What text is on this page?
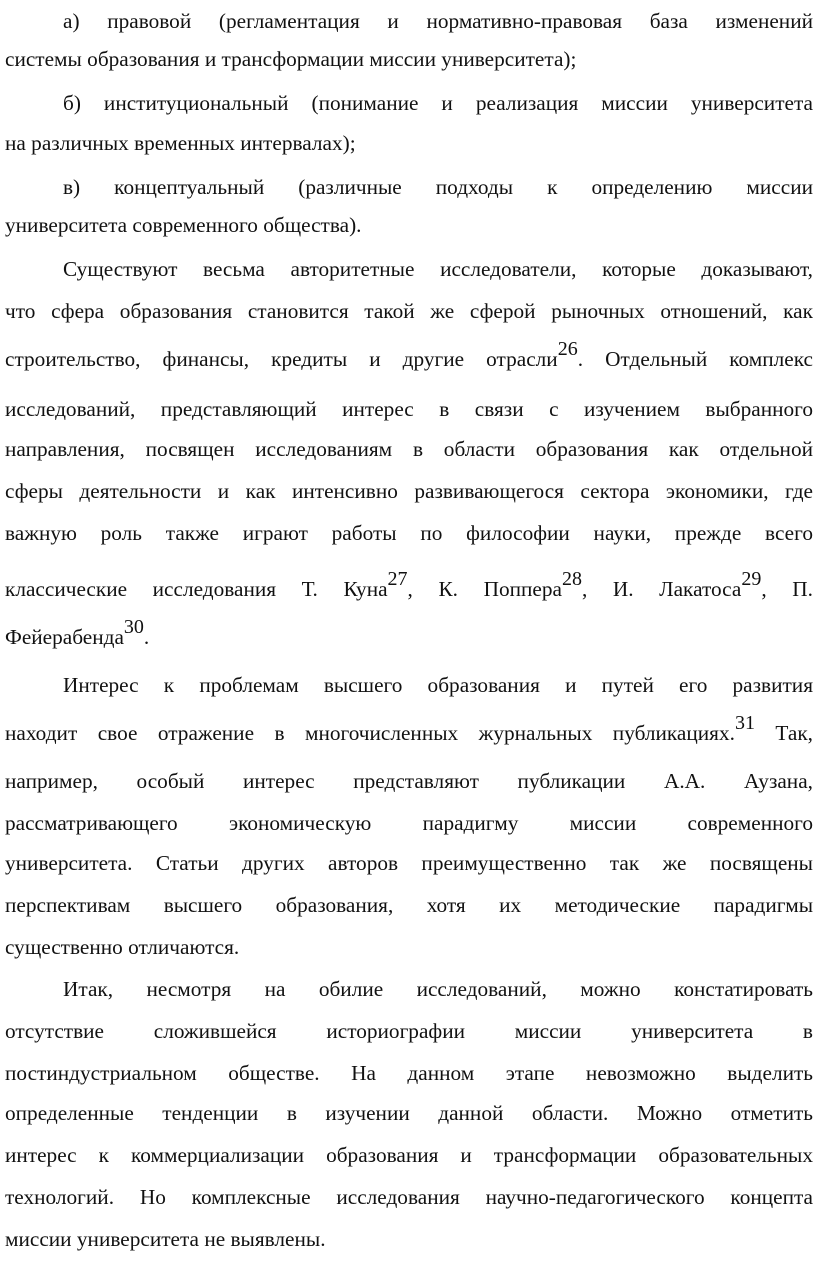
а) правовой (регламентация и нормативно-правовая база изменений
системы образования и трансформации миссии университета);
б) институциональный (понимание и реализация миссии университета
на различных временных интервалах);
в) концептуальный (различные подходы к определению миссии
университета современного общества).
Существуют весьма авторитетные исследователи, которые доказывают,
что сфера образования становится такой же сферой рыночных отношений, как
строительство, финансы, кредиты и другие отрасли$^{26}$. Отдельный комплекс
исследований, представляющий интерес в связи с изучением выбранного
направления, посвящен исследованиям в области образования как отдельной
сферы деятельности и как интенсивно развивающегося сектора экономики, где
важную роль также играют работы по философии науки, прежде всего
классические исследования Т. Куна$^{27}$, К. Поппера$^{28}$, И. Лакатоса$^{29}$, П.
Фейерабенда$^{30}$.
Интерес к проблемам высшего образования и путей его развития
находит свое отражение в многочисленных журнальных публикациях.$^{31}$ Так,
например, особый интерес представляют публикации А.А. Аузана,
рассматривающего экономическую парадигму миссии современного
университета. Статьи других авторов преимущественно так же посвящены
перспективам высшего образования, хотя их методические парадигмы
существенно отличаются.
Итак, несмотря на обилие исследований, можно констатировать
отсутствие сложившейся историографии миссии университета в
постиндустриальном обществе. На данном этапе невозможно выделить
определенные тенденции в изучении данной области. Можно отметить
интерес к коммерциализации образования и трансформации образовательных
технологий. Но комплексные исследования научно-педагогического концепта
миссии университета не выявлены.
